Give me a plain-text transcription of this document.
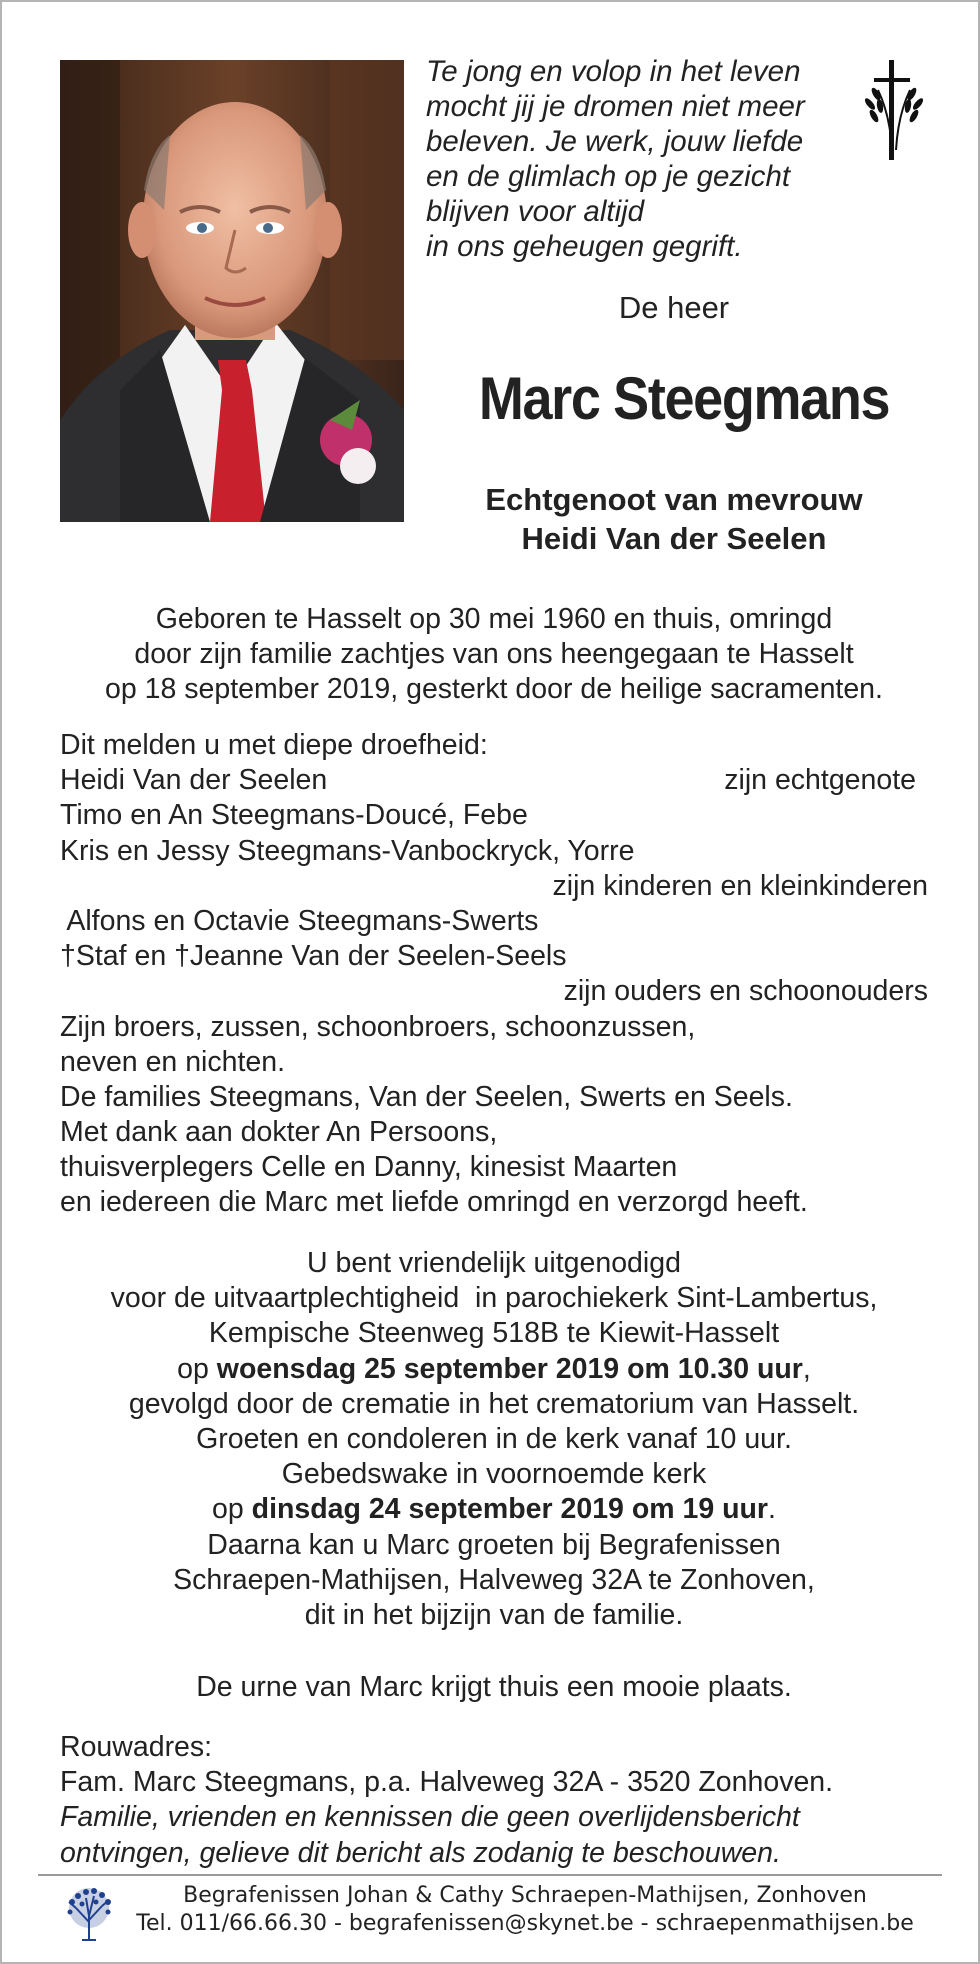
Te jong en volop in het leven
mocht jij je dromen niet meer
beleven. Je werk, jouw liefde
en de glimlach op je gezicht
blijven voor altijd
in ons geheugen gegrift.
De heer
Marc Steegmans
Echtgenoot van mevrouw
Heidi Van der Seelen
Geboren te Hasselt op 30 mei 1960 en thuis, omringd
door zijn familie zachtjes van ons heengegaan te Hasselt
op 18 september 2019, gesterkt door de heilige sacramenten.
Dit melden u met diepe droefheid:
Heidi Van der Seelen	zijn echtgenote
Timo en An Steegmans-Doucé, Febe
Kris en Jessy Steegmans-Vanbockryck, Yorre
zijn kinderen en kleinkinderen
Alfons en Octavie Steegmans-Swerts
†Staf en †Jeanne Van der Seelen-Seels
zijn ouders en schoonouders
Zijn broers, zussen, schoonbroers, schoonzussen,
neven en nichten.
De families Steegmans, Van der Seelen, Swerts en Seels.
Met dank aan dokter An Persoons,
thuisverplegers Celle en Danny, kinesist Maarten
en iedereen die Marc met liefde omringd en verzorgd heeft.
U bent vriendelijk uitgenodigd
voor de uitvaartplechtigheid  in parochiekerk Sint-Lambertus,
Kempische Steenweg 518B te Kiewit-Hasselt
op woensdag 25 september 2019 om 10.30 uur,
gevolgd door de crematie in het crematorium van Hasselt.
Groeten en condoleren in de kerk vanaf 10 uur.
Gebedswake in voornoemde kerk
op dinsdag 24 september 2019 om 19 uur.
Daarna kan u Marc groeten bij Begrafenissen
Schraepen-Mathijsen, Halveweg 32A te Zonhoven,
dit in het bijzijn van de familie.
De urne van Marc krijgt thuis een mooie plaats.
Rouwadres:
Fam. Marc Steegmans, p.a. Halveweg 32A - 3520 Zonhoven.
Familie, vrienden en kennissen die geen overlijdensbericht
ontvingen, gelieve dit bericht als zodanig te beschouwen.
Begrafenissen Johan & Cathy Schraepen-Mathijsen, Zonhoven
Tel. 011/66.66.30 - begrafenissen@skynet.be - schraepenmathijsen.be
